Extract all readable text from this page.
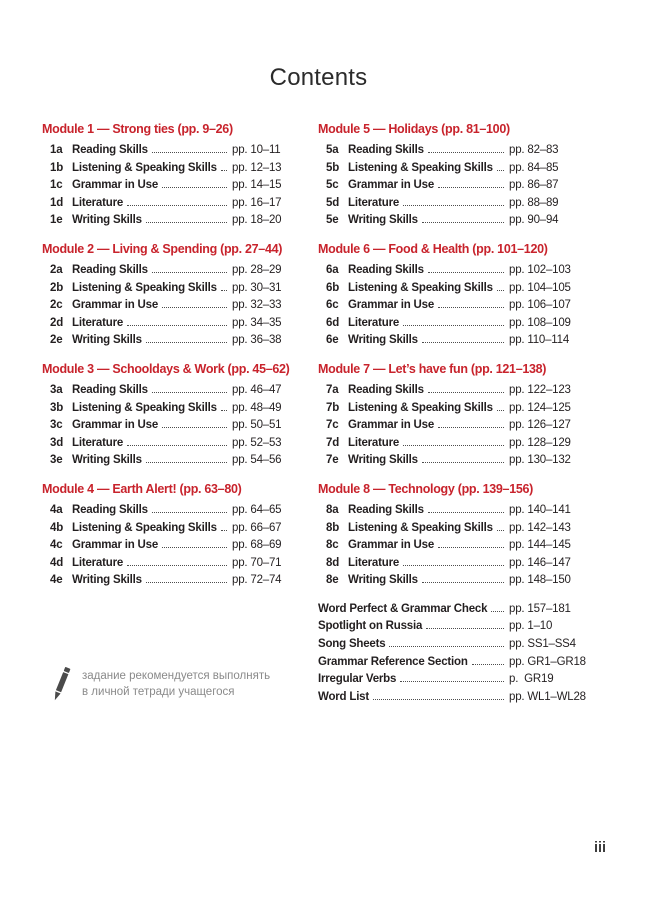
Contents
Module 1 — Strong ties (pp. 9–26)
1a Reading Skills	pp. 10–11
1b Listening & Speaking Skills pp. 12–13
1c Grammar in Use	pp. 14–15
1d Literature	pp. 16–17
1e Writing Skills	pp. 18–20
Module 2 — Living & Spending (pp. 27–44)
2a Reading Skills	pp. 28–29
2b Listening & Speaking Skills pp. 30–31
2c Grammar in Use	pp. 32–33
2d Literature	pp. 34–35
2e Writing Skills	pp. 36–38
Module 3 — Schooldays & Work (pp. 45–62)
3a Reading Skills	pp. 46–47
3b Listening & Speaking Skills pp. 48–49
3c Grammar in Use	pp. 50–51
3d Literature	pp. 52–53
3e Writing Skills	pp. 54–56
Module 4 — Earth Alert! (pp. 63–80)
4a Reading Skills	pp. 64–65
4b Listening & Speaking Skills pp. 66–67
4c Grammar in Use	pp. 68–69
4d Literature	pp. 70–71
4e Writing Skills	pp. 72–74
Module 5 — Holidays (pp. 81–100)
5a Reading Skills	pp. 82–83
5b Listening & Speaking Skills pp. 84–85
5c Grammar in Use	pp. 86–87
5d Literature	pp. 88–89
5e Writing Skills	pp. 90–94
Module 6 — Food & Health (pp. 101–120)
6a Reading Skills	pp. 102–103
6b Listening & Speaking Skills pp. 104–105
6c Grammar in Use	pp. 106–107
6d Literature	pp. 108–109
6e Writing Skills	pp. 110–114
Module 7 — Let’s have fun (pp. 121–138)
7a Reading Skills	pp. 122–123
7b Listening & Speaking Skills pp. 124–125
7c Grammar in Use	pp. 126–127
7d Literature	pp. 128–129
7e Writing Skills	pp. 130–132
Module 8 — Technology (pp. 139–156)
8a Reading Skills	pp. 140–141
8b Listening & Speaking Skills pp. 142–143
8c Grammar in Use	pp. 144–145
8d Literature	pp. 146–147
8e Writing Skills	pp. 148–150
Word Perfect & Grammar Check pp. 157–181
Spotlight on Russia	pp. 1–10
Song Sheets	pp. SS1–SS4
Grammar Reference Section	pp. GR1–GR18
Irregular Verbs	p.  GR19
Word List	pp. WL1–WL28
задание рекомендуется выполнять
в личной тетради учащегося
iii
